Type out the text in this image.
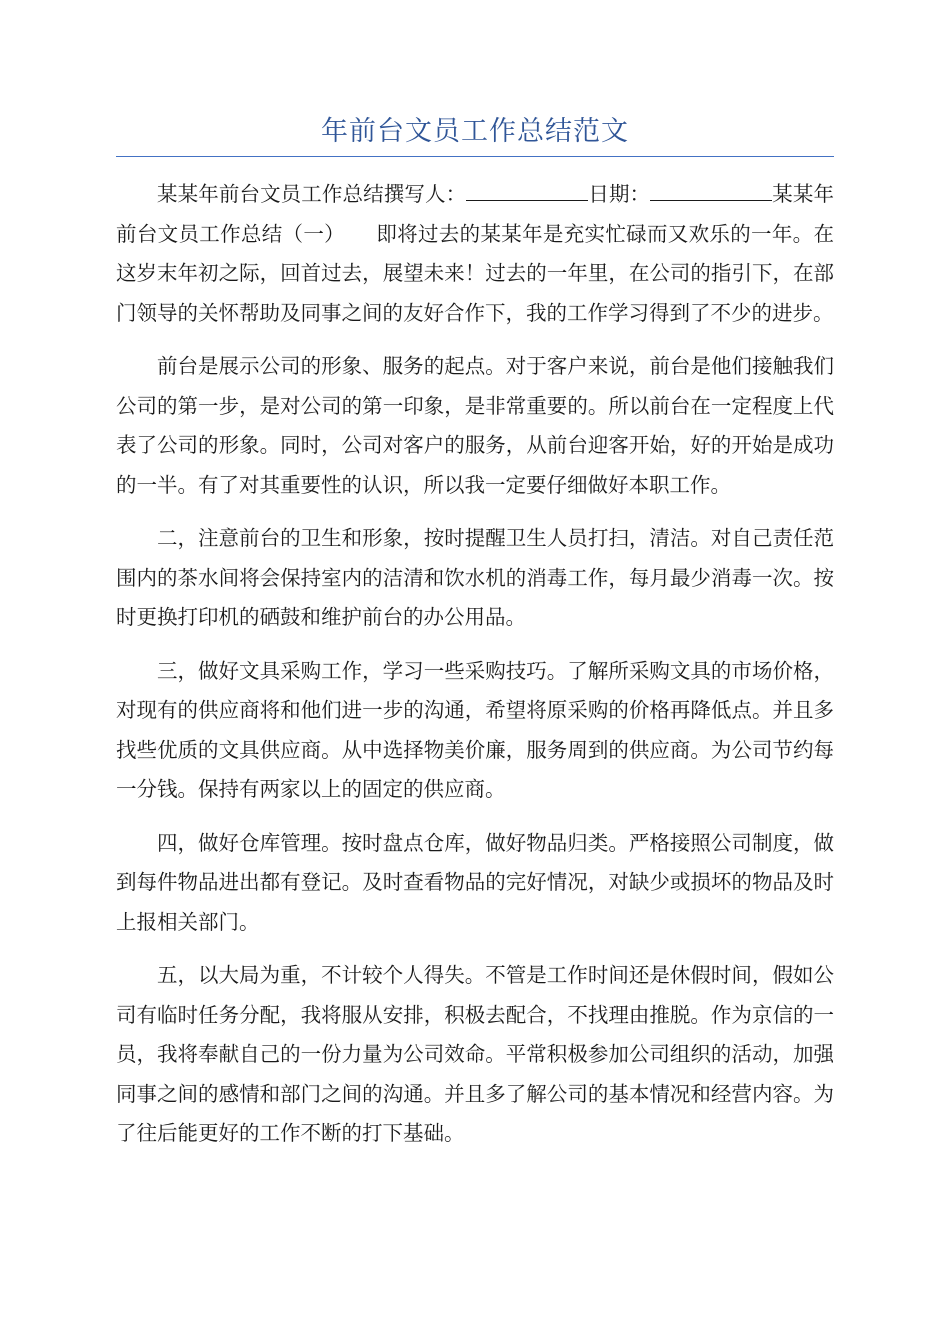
年前台文员工作总结范文

某某年前台文员工作总结撰写人：	日期：	某某年前台文员工作总结（一）　　即将过去的某某年是充实忙碌而又欢乐的一年。在这岁末年初之际，回首过去，展望未来！过去的一年里，在公司的指引下，在部门领导的关怀帮助及同事之间的友好合作下，我的工作学习得到了不少的进步。

前台是展示公司的形象、服务的起点。对于客户来说，前台是他们接触我们公司的第一步，是对公司的第一印象，是非常重要的。所以前台在一定程度上代表了公司的形象。同时，公司对客户的服务，从前台迎客开始，好的开始是成功的一半。有了对其重要性的认识，所以我一定要仔细做好本职工作。

二，注意前台的卫生和形象，按时提醒卫生人员打扫，清洁。对自己责任范围内的茶水间将会保持室内的洁清和饮水机的消毒工作，每月最少消毒一次。按时更换打印机的硒鼓和维护前台的办公用品。

三，做好文具采购工作，学习一些采购技巧。了解所采购文具的市场价格，对现有的供应商将和他们进一步的沟通，希望将原采购的价格再降低点。并且多找些优质的文具供应商。从中选择物美价廉，服务周到的供应商。为公司节约每一分钱。保持有两家以上的固定的供应商。

四，做好仓库管理。按时盘点仓库，做好物品归类。严格接照公司制度，做到每件物品进出都有登记。及时查看物品的完好情况，对缺少或损坏的物品及时上报相关部门。

五，以大局为重，不计较个人得失。不管是工作时间还是休假时间，假如公司有临时任务分配，我将服从安排，积极去配合，不找理由推脱。作为京信的一员，我将奉献自己的一份力量为公司效命。平常积极参加公司组织的活动，加强同事之间的感情和部门之间的沟通。并且多了解公司的基本情况和经营内容。为了往后能更好的工作不断的打下基础。
